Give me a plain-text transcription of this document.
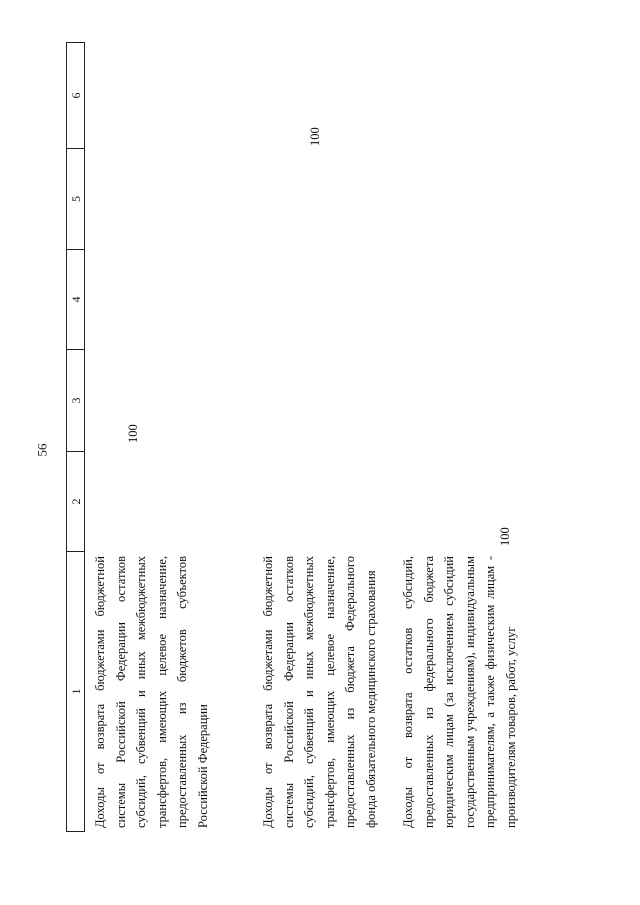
56
1
2
3
4
5
6
Доходы от возврата бюджетами бюджетной системы Российской Федерации остатков субсидий, субвенций и иных межбюджетных трансфертов, имеющих целевое назначение, предоставленных из бюджетов субъектов Российской Федерации
100
100
Доходы от возврата бюджетами бюджетной системы Российской Федерации остатков субсидий, субвенций и иных межбюджетных трансфертов, имеющих целевое назначение, предоставленных из бюджета Федерального фонда обязательного медицинского страхования Доходы от возврата остатков субсидий, предоставленных из федерального бюджета юридическим лицам (за исключением субсидий государственным учреждениям), индивидуальным предпринимателям, а также физическим лицам - производителям товаров, работ, услуг
100
